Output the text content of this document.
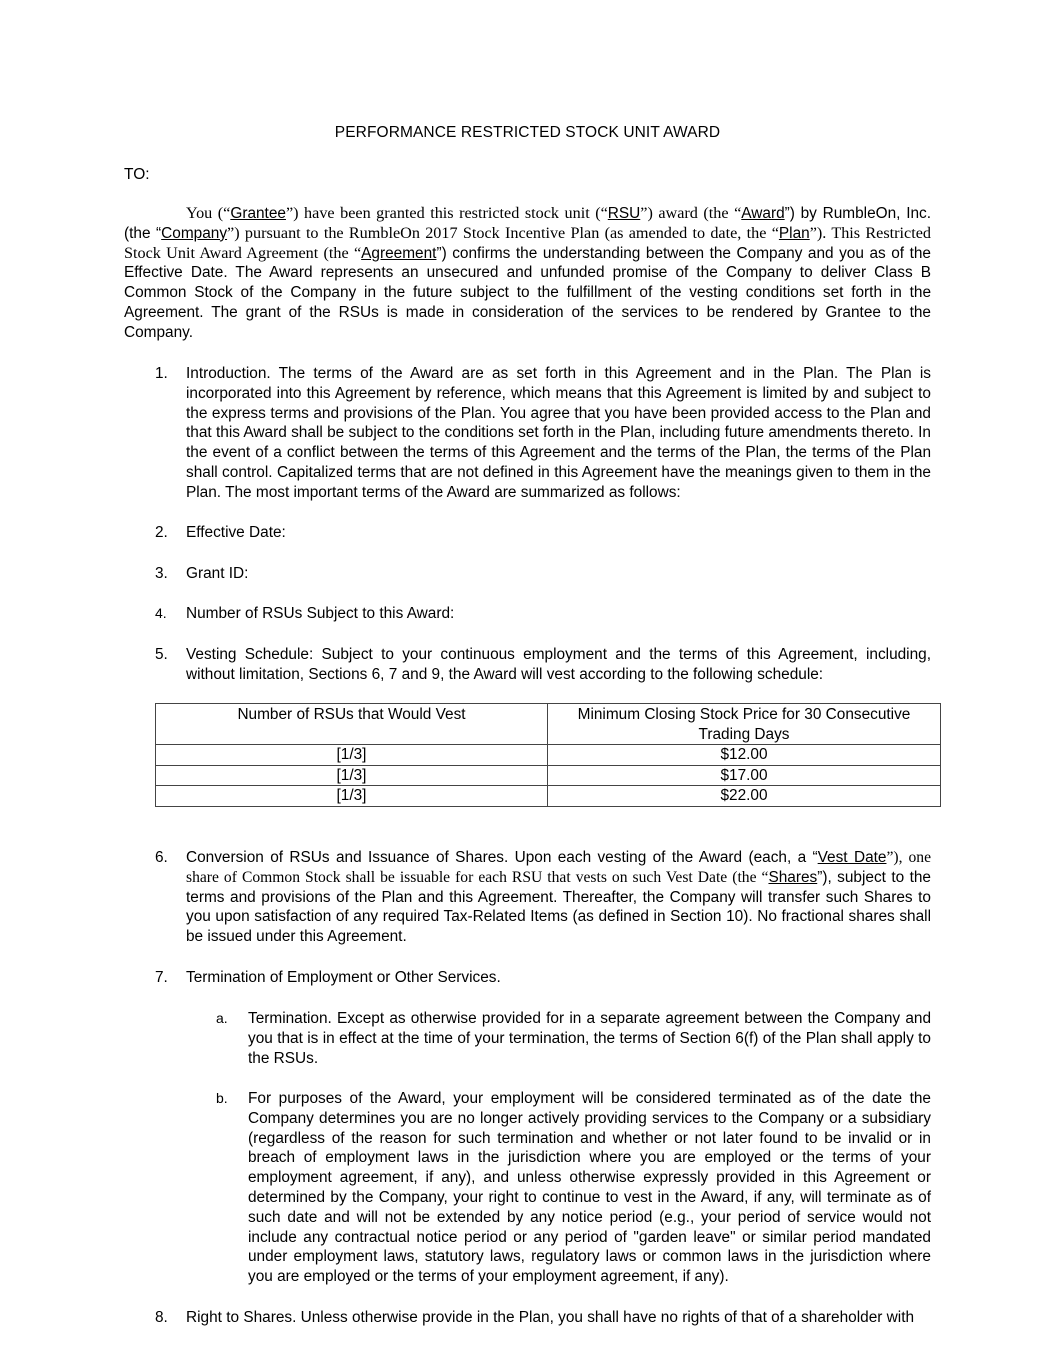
PERFORMANCE RESTRICTED STOCK UNIT AWARD
TO:

You (“Grantee”) have been granted this restricted stock unit (“RSU”) award (the “Award”) by RumbleOn, Inc. (the “Company”) pursuant to the RumbleOn 2017 Stock Incentive Plan (as amended to date, the “Plan”). This Restricted Stock Unit Award Agreement (the “Agreement”) confirms the understanding between the Company and you as of the Effective Date. The Award represents an unsecured and unfunded promise of the Company to deliver Class B Common Stock of the Company in the future subject to the fulfillment of the vesting conditions set forth in the Agreement. The grant of the RSUs is made in consideration of the services to be rendered by Grantee to the Company.

1. Introduction. The terms of the Award are as set forth in this Agreement and in the Plan. The Plan is incorporated into this Agreement by reference, which means that this Agreement is limited by and subject to the express terms and provisions of the Plan. You agree that you have been provided access to the Plan and that this Award shall be subject to the conditions set forth in the Plan, including future amendments thereto. In the event of a conflict between the terms of this Agreement and the terms of the Plan, the terms of the Plan shall control. Capitalized terms that are not defined in this Agreement have the meanings given to them in the Plan. The most important terms of the Award are summarized as follows:

2. Effective Date:

3. Grant ID:

4. Number of RSUs Subject to this Award:

5. Vesting Schedule: Subject to your continuous employment and the terms of this Agreement, including, without limitation, Sections 6, 7 and 9, the Award will vest according to the following schedule:

Number of RSUs that Would Vest	Minimum Closing Stock Price for 30 Consecutive Trading Days
[1/3]	$12.00
[1/3]	$17.00
[1/3]	$22.00
6. Conversion of RSUs and Issuance of Shares. Upon each vesting of the Award (each, a “Vest Date”), one share of Common Stock shall be issuable for each RSU that vests on such Vest Date (the “Shares”), subject to the terms and provisions of the Plan and this Agreement. Thereafter, the Company will transfer such Shares to you upon satisfaction of any required Tax-Related Items (as defined in Section 10). No fractional shares shall be issued under this Agreement.

7. Termination of Employment or Other Services.

a. Termination. Except as otherwise provided for in a separate agreement between the Company and you that is in effect at the time of your termination, the terms of Section 6(f) of the Plan shall apply to the RSUs.

b. For purposes of the Award, your employment will be considered terminated as of the date the Company determines you are no longer actively providing services to the Company or a subsidiary (regardless of the reason for such termination and whether or not later found to be invalid or in breach of employment laws in the jurisdiction where you are employed or the terms of your employment agreement, if any), and unless otherwise expressly provided in this Agreement or determined by the Company, your right to continue to vest in the Award, if any, will terminate as of such date and will not be extended by any notice period (e.g., your period of service would not include any contractual notice period or any period of "garden leave" or similar period mandated under employment laws, statutory laws, regulatory laws or common laws in the jurisdiction where you are employed or the terms of your employment agreement, if any).

8. Right to Shares. Unless otherwise provide in the Plan, you shall have no rights of that of a shareholder with
